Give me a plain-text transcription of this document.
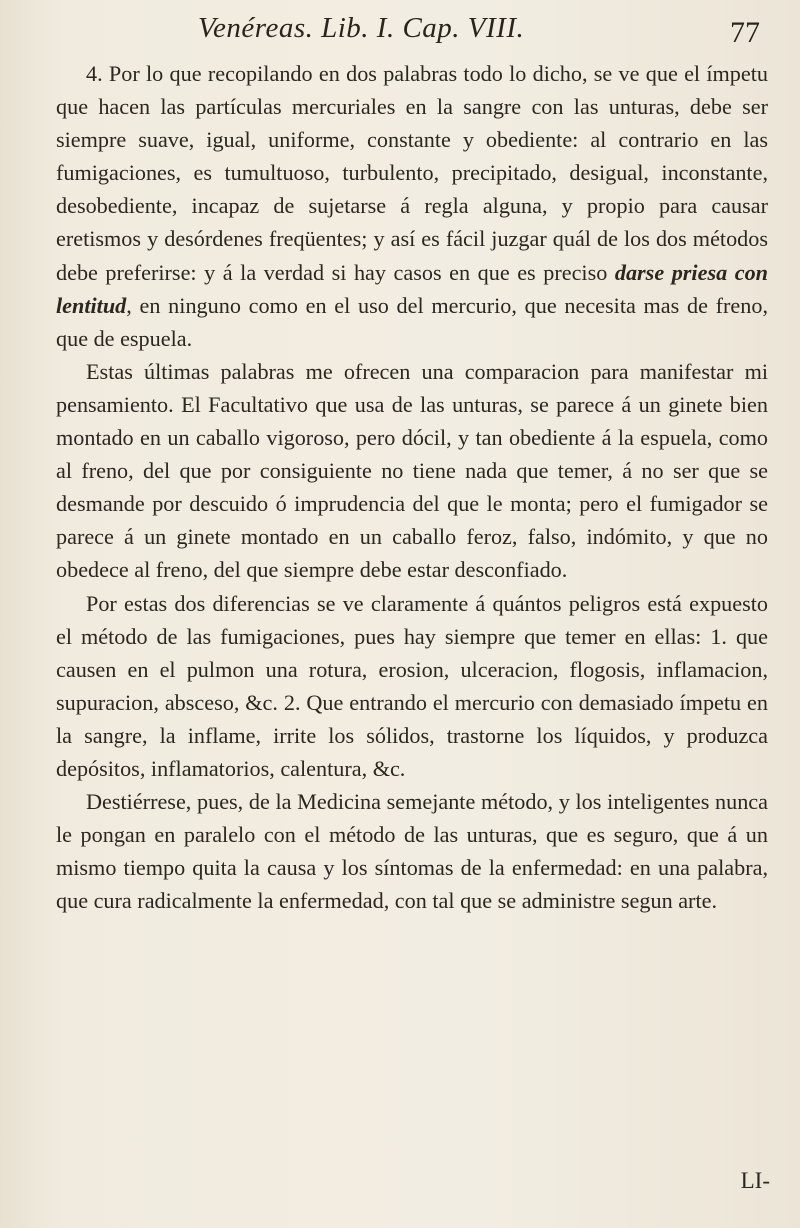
Venéreas. Lib. I. Cap. VIII.	77

4. Por lo que recopilando en dos palabras todo lo dicho, se ve que el ímpetu que hacen las partículas mercuriales en la sangre con las unturas, debe ser siempre suave, igual, uniforme, constante y obediente: al contrario en las fumigaciones, es tumultuoso, turbulento, precipitado, desigual, inconstante, desobediente, incapaz de sujetarse á regla alguna, y propio para causar eretismos y desórdenes freqüentes; y así es fácil juzgar quál de los dos métodos debe preferirse: y á la verdad si hay casos en que es preciso darse priesa con lentitud, en ninguno como en el uso del mercurio, que necesita mas de freno, que de espuela.

Estas últimas palabras me ofrecen una comparacion para manifestar mi pensamiento. El Facultativo que usa de las unturas, se parece á un ginete bien montado en un caballo vigoroso, pero dócil, y tan obediente á la espuela, como al freno, del que por consiguiente no tiene nada que temer, á no ser que se desmande por descuido ó imprudencia del que le monta; pero el fumigador se parece á un ginete montado en un caballo feroz, falso, indómito, y que no obedece al freno, del que siempre debe estar desconfiado.

Por estas dos diferencias se ve claramente á quántos peligros está expuesto el método de las fumigaciones, pues hay siempre que temer en ellas: 1. que causen en el pulmon una rotura, erosion, ulceracion, flogosis, inflamacion, supuracion, absceso, &c. 2. Que entrando el mercurio con demasiado ímpetu en la sangre, la inflame, irrite los sólidos, trastorne los líquidos, y produzca depósitos, inflamatorios, calentura, &c.

Destiérrese, pues, de la Medicina semejante método, y los inteligentes nunca le pongan en paralelo con el método de las unturas, que es seguro, que á un mismo tiempo quita la causa y los síntomas de la enfermedad: en una palabra, que cura radicalmente la enfermedad, con tal que se administre segun arte.

LI-
